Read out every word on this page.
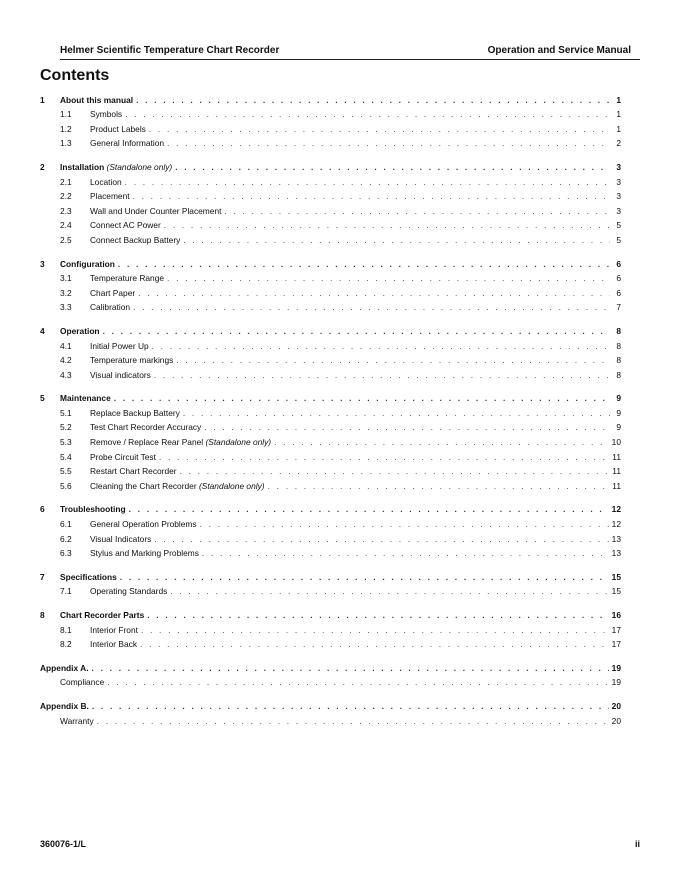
Helmer Scientific Temperature Chart Recorder	Operation and Service Manual
Contents
1	About this manual . . .	1
1.1	Symbols . . .	1
1.2	Product Labels . . .	1
1.3	General Information . . .	2
2	Installation (Standalone only) . . .	3
2.1	Location . . .	3
2.2	Placement . . .	3
2.3	Wall and Under Counter Placement . . .	3
2.4	Connect AC Power . . .	5
2.5	Connect Backup Battery . . .	5
3	Configuration . . .	6
3.1	Temperature Range . . .	6
3.2	Chart Paper . . .	6
3.3	Calibration . . .	7
4	Operation . . .	8
4.1	Initial Power Up . . .	8
4.2	Temperature markings . . .	8
4.3	Visual indicators . . .	8
5	Maintenance . . .	9
5.1	Replace Backup Battery . . .	9
5.2	Test Chart Recorder Accuracy . . .	9
5.3	Remove / Replace Rear Panel (Standalone only) . . .	10
5.4	Probe Circuit Test . . .	11
5.5	Restart Chart Recorder . . .	11
5.6	Cleaning the Chart Recorder (Standalone only) . . .	11
6	Troubleshooting . . .	12
6.1	General Operation Problems . . .	12
6.2	Visual Indicators . . .	13
6.3	Stylus and Marking Problems . . .	13
7	Specifications . . .	15
7.1	Operating Standards . . .	15
8	Chart Recorder Parts . . .	16
8.1	Interior Front . . .	17
8.2	Interior Back . . .	17
Appendix A. . . .	19
Compliance . . .	19
Appendix B. . . .	20
Warranty . . .	20
360076-1/L	ii
